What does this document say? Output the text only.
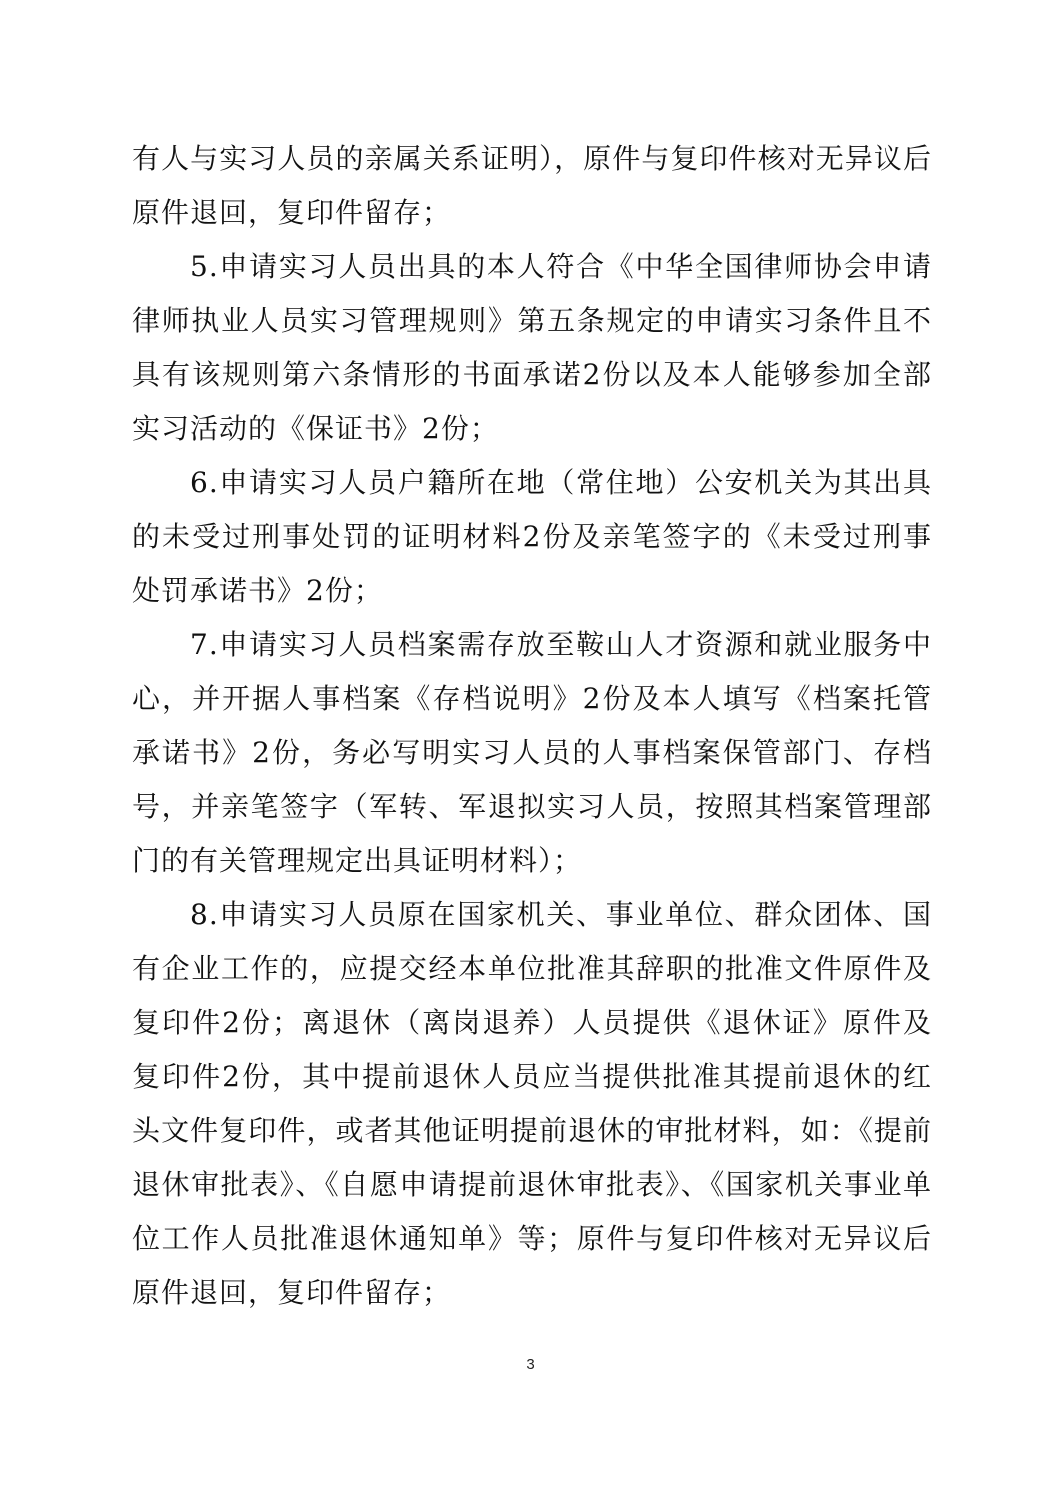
有人与实习人员的亲属关系证明），原件与复印件核对无异议后原件退回，复印件留存；

5.申请实习人员出具的本人符合《中华全国律师协会申请律师执业人员实习管理规则》第五条规定的申请实习条件且不具有该规则第六条情形的书面承诺2份以及本人能够参加全部实习活动的《保证书》2份；

6.申请实习人员户籍所在地（常住地）公安机关为其出具的未受过刑事处罚的证明材料2份及亲笔签字的《未受过刑事处罚承诺书》2份；

7.申请实习人员档案需存放至鞍山人才资源和就业服务中心，并开据人事档案《存档说明》2份及本人填写《档案托管承诺书》2份，务必写明实习人员的人事档案保管部门、存档号，并亲笔签字（军转、军退拟实习人员，按照其档案管理部门的有关管理规定出具证明材料）；

8.申请实习人员原在国家机关、事业单位、群众团体、国有企业工作的，应提交经本单位批准其辞职的批准文件原件及复印件2份；离退休（离岗退养）人员提供《退休证》原件及复印件2份，其中提前退休人员应当提供批准其提前退休的红头文件复印件，或者其他证明提前退休的审批材料，如：《提前退休审批表》、《自愿申请提前退休审批表》、《国家机关事业单位工作人员批准退休通知单》等；原件与复印件核对无异议后原件退回，复印件留存；

3
